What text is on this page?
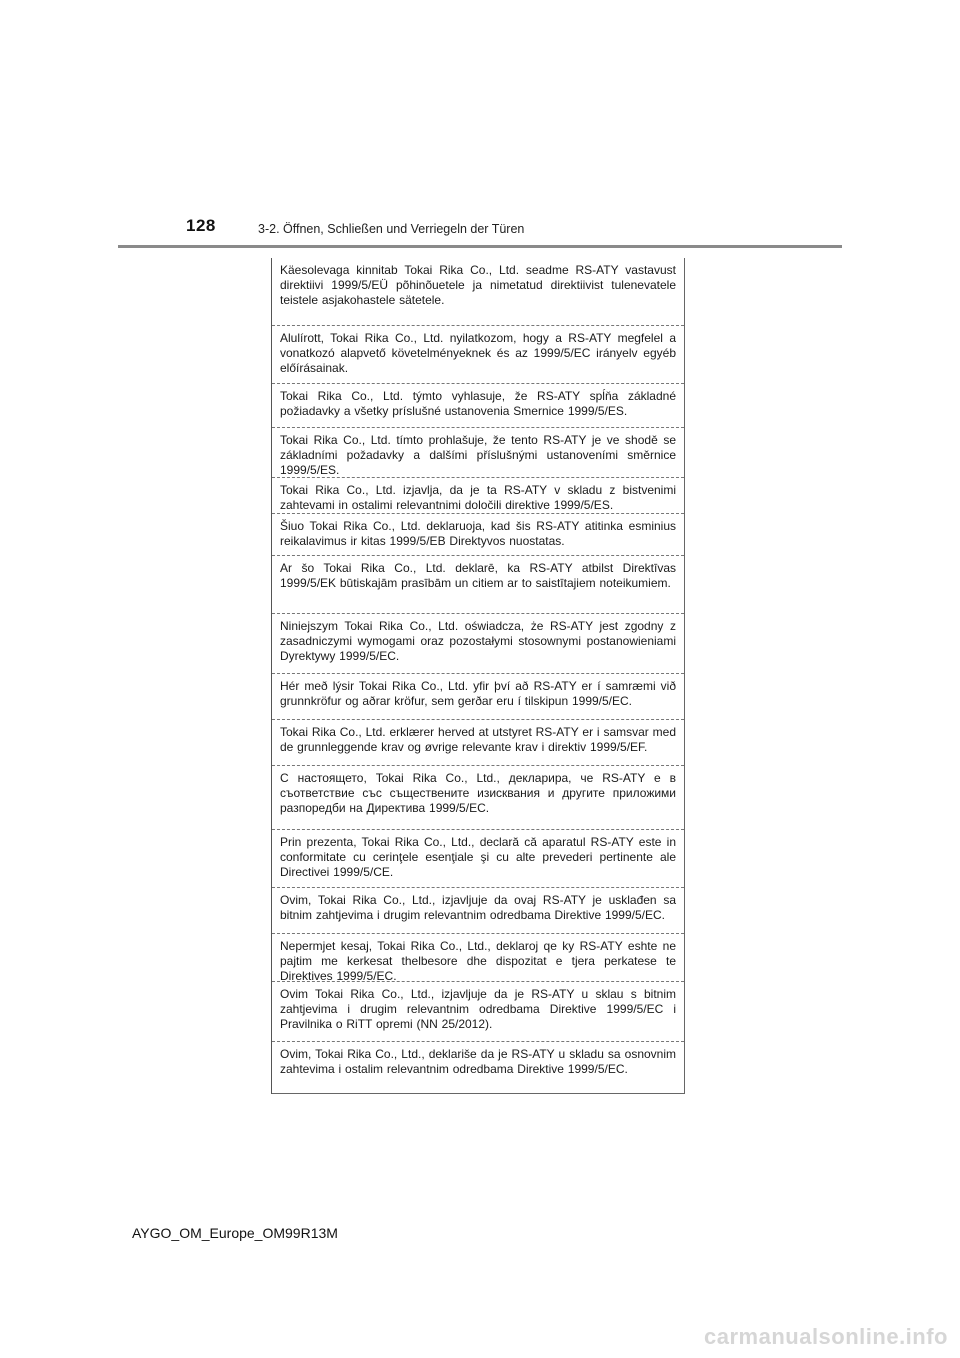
128	3-2. Öffnen, Schließen und Verriegeln der Türen

Käesolevaga kinnitab Tokai Rika Co., Ltd. seadme RS-ATY vastavust direktiivi 1999/5/EÜ põhinõuetele ja nimetatud direktiivist tulenevatele teistele asjakohastele sätetele.

Alulírott, Tokai Rika Co., Ltd. nyilatkozom, hogy a RS-ATY megfelel a vonatkozó alapvető követelményeknek és az 1999/5/EC irányelv egyéb előírásainak.

Tokai Rika Co., Ltd. týmto vyhlasuje, že RS-ATY spĺňa základné požiadavky a všetky príslušné ustanovenia Smernice 1999/5/ES.

Tokai Rika Co., Ltd. tímto prohlašuje, že tento RS-ATY je ve shodě se základními požadavky a dalšími příslušnými ustanoveními směrnice 1999/5/ES.

Tokai Rika Co., Ltd. izjavlja, da je ta RS-ATY v skladu z bistvenimi zahtevami in ostalimi relevantnimi določili direktive 1999/5/ES.

Šiuo Tokai Rika Co., Ltd. deklaruoja, kad šis RS-ATY atitinka esminius reikalavimus ir kitas 1999/5/EB Direktyvos nuostatas.

Ar šo Tokai Rika Co., Ltd. deklarē, ka RS-ATY atbilst Direktīvas 1999/5/EK būtiskajām prasībām un citiem ar to saistītajiem noteikumiem.

Niniejszym Tokai Rika Co., Ltd. oświadcza, że RS-ATY jest zgodny z zasadniczymi wymogami oraz pozostałymi stosownymi postanowieniami Dyrektywy 1999/5/EC.

Hér með lýsir Tokai Rika Co., Ltd. yfir því að RS-ATY er í samræmi við grunnkröfur og aðrar kröfur, sem gerðar eru í tilskipun 1999/5/EC.

Tokai Rika Co., Ltd. erklærer herved at utstyret RS-ATY er i samsvar med de grunnleggende krav og øvrige relevante krav i direktiv 1999/5/EF.

С настоящето, Tokai Rika Co., Ltd., декларира, че RS-ATY е в съответствие със съществените изисквания и другите приложими разпоредби на Директива 1999/5/EC.

Prin prezenta, Tokai Rika Co., Ltd., declară că aparatul RS-ATY este in conformitate cu cerinţele esenţiale şi cu alte prevederi pertinente ale Directivei 1999/5/CE.

Ovim, Tokai Rika Co., Ltd., izjavljuje da ovaj RS-ATY je usklađen sa bitnim zahtjevima i drugim relevantnim odredbama Direktive 1999/5/EC.

Nepermjet kesaj, Tokai Rika Co., Ltd., deklaroj qe ky RS-ATY eshte ne pajtim me kerkesat thelbesore dhe dispozitat e tjera perkatese te Direktives 1999/5/EC.

Ovim Tokai Rika Co., Ltd., izjavljuje da je RS-ATY u sklau s bitnim zahtjevima i drugim relevantnim odredbama Direktive 1999/5/EC i Pravilnika o RiTT opremi (NN 25/2012).

Ovim, Tokai Rika Co., Ltd., deklariše da je RS-ATY u skladu sa osnovnim zahtevima i ostalim relevantnim odredbama Direktive 1999/5/EC.

AYGO_OM_Europe_OM99R13M
carmanualsonline.info
